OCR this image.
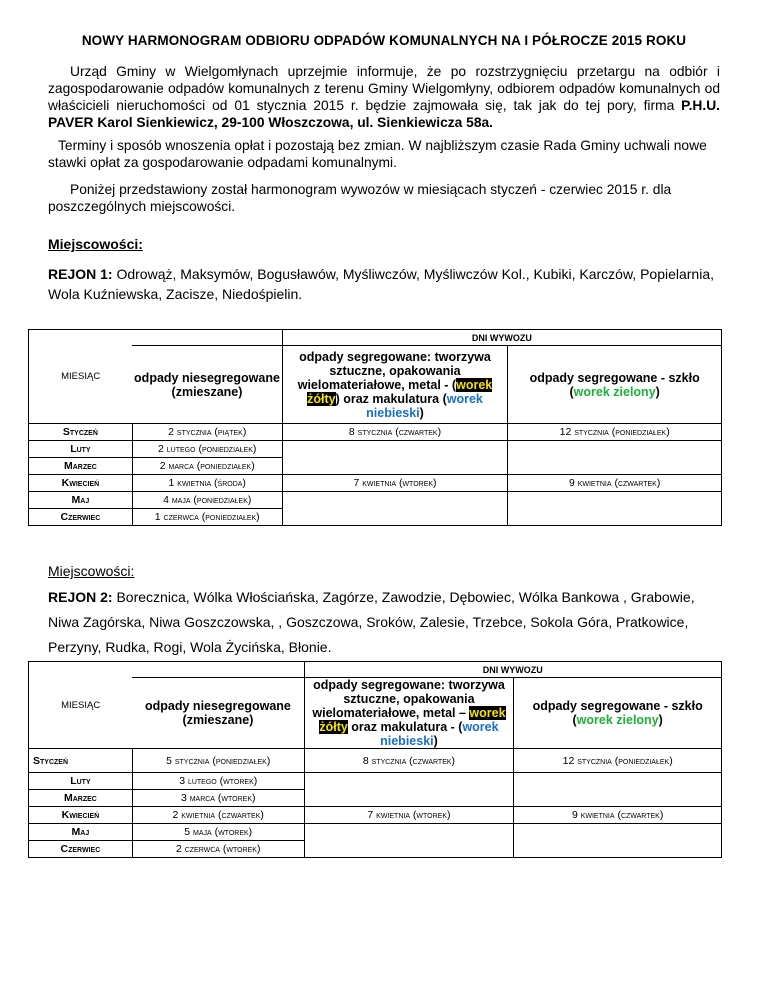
NOWY HARMONOGRAM ODBIORU ODPADÓW KOMUNALNYCH NA I PÓŁROCZE 2015 ROKU
Urząd Gminy w Wielgomłynach uprzejmie informuje, że po rozstrzygnięciu przetargu na odbiór i zagospodarowanie odpadów komunalnych z terenu Gminy Wielgomłyny, odbiorem odpadów komunalnych od właścicieli nieruchomości od 01 stycznia 2015 r. będzie zajmowała się, tak jak do tej pory, firma P.H.U. PAVER Karol Sienkiewicz, 29-100 Włoszczowa, ul. Sienkiewicza 58a.
Terminy i sposób wnoszenia opłat i pozostają bez zmian. W najbliższym czasie Rada Gminy uchwali nowe stawki opłat za gospodarowanie odpadami komunalnymi.
Poniżej przedstawiony został harmonogram wywozów w miesiącach styczeń - czerwiec 2015 r. dla poszczególnych miejscowości.
Miejscowości:
REJON 1: Odrowąż, Maksymów, Bogusławów, Myśliwczów, Myśliwczów Kol., Kubiki, Karczów, Popielarnia, Wola Kuźniewska, Zacisze, Niedośpielin.
MIESIĄC		DNI WYWOZU	
	odpady niesegregowane (zmieszane)	odpady segregowane: tworzywa sztuczne, opakowania wielomateriałowe, metal - (worek żółty) oraz makulatura (worek niebieski)	odpady segregowane - szkło (worek zielony)
Styczeń	2 stycznia (piątek)	8 stycznia (czwartek)	12 stycznia (poniedziałek)
Luty	2 lutego (poniedziałek)		
Marzec	2 marca (poniedziałek)		
Kwiecień	1 kwietnia (środa)	7 kwietnia (wtorek)	9 kwietnia (czwartek)
Maj	4 maja (poniedziałek)		
Czerwiec	1 czerwca (poniedziałek)		
Miejscowości:
REJON 2: Borecznica, Wólka Włościańska, Zagórze, Zawodzie, Dębowiec, Wólka Bankowa , Grabowie,
Niwa Zagórska, Niwa Goszczowska, , Goszczowa, Sroków, Zalesie, Trzebce, Sokola Góra, Pratkowice,
Perzyny, Rudka, Rogi, Wola Życińska, Błonie.
MIESIĄC		DNI WYWOZU	
	odpady niesegregowane (zmieszane)	odpady segregowane: tworzywa sztuczne, opakowania wielomateriałowe, metal – worek żółty oraz makulatura - (worek niebieski)	odpady segregowane - szkło (worek zielony)
Styczeń	5 stycznia (poniedziałek)	8 stycznia (czwartek)	12 stycznia (poniedziałek)
Luty	3 lutego (wtorek)		
Marzec	3 marca (wtorek)		
Kwiecień	2 kwietnia (czwartek)	7 kwietnia (wtorek)	9 kwietnia (czwartek)
Maj	5 maja (wtorek)		
Czerwiec	2 czerwca (wtorek)		
